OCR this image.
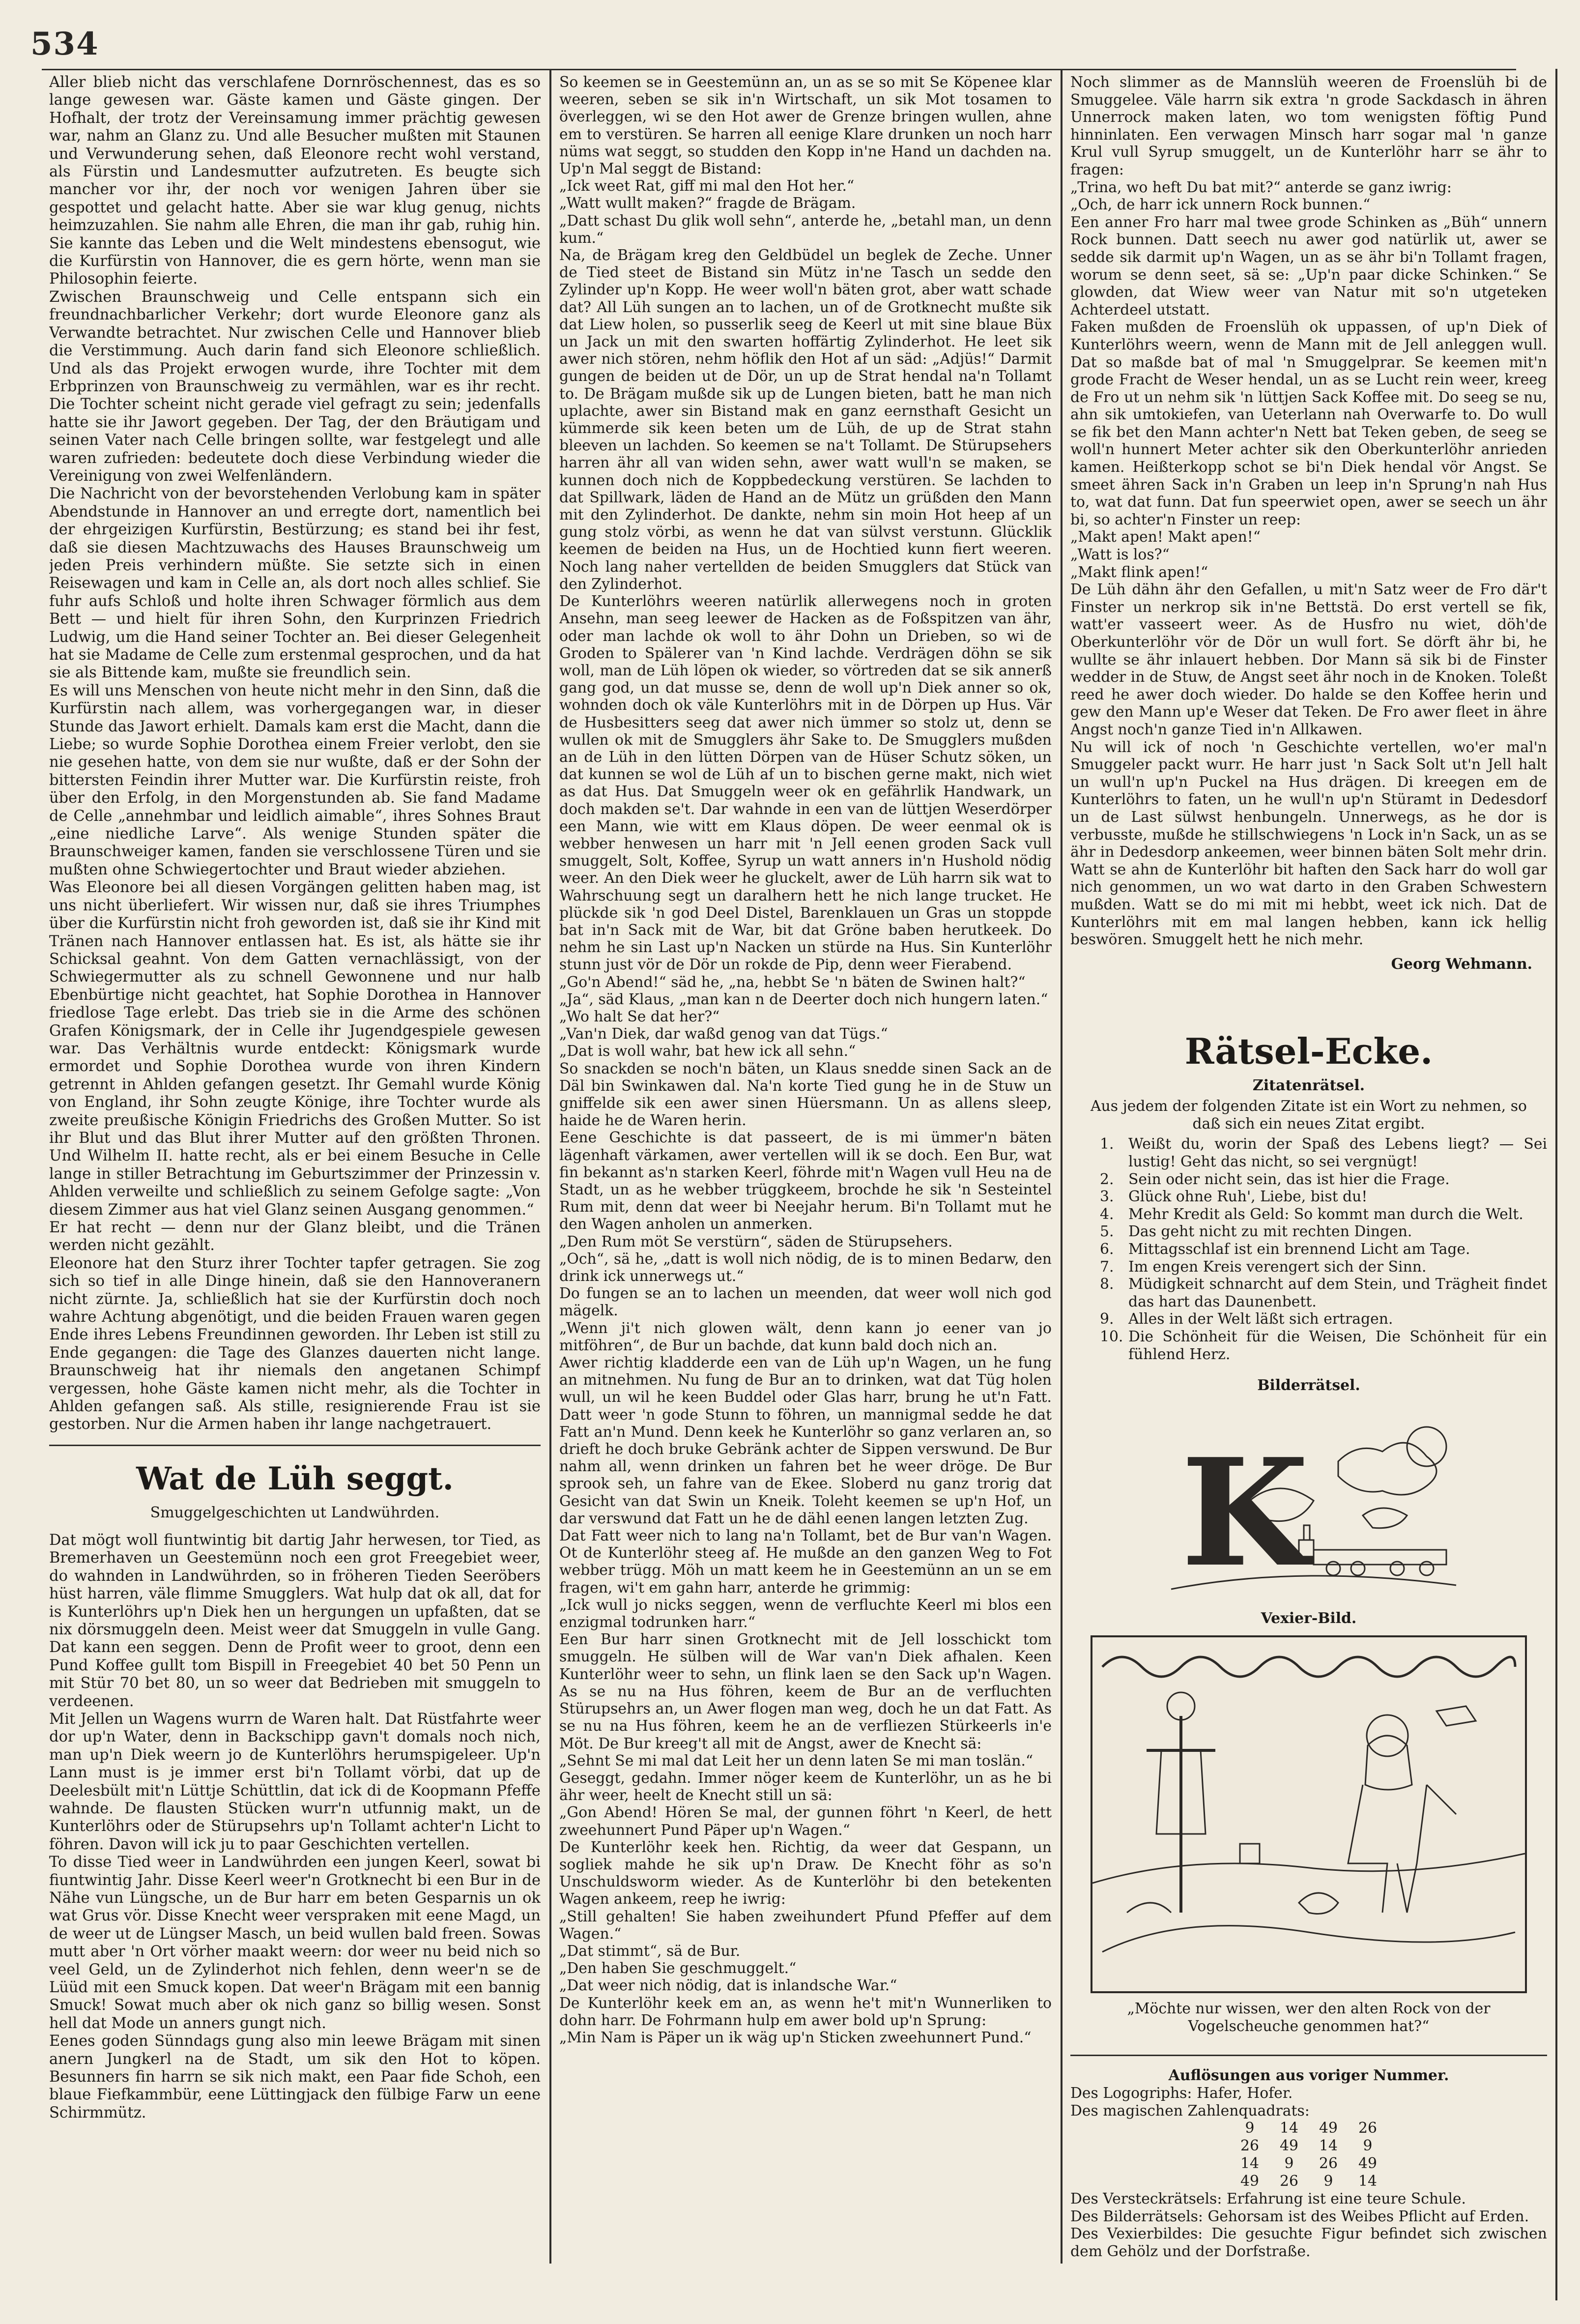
534

Aller blieb nicht das verschlafene Dornröschennest, das es so lange gewesen war. Gäste kamen und Gäste gingen. Der Hofhalt, der trotz der Vereinsamung immer prächtig gewesen war, nahm an Glanz zu. Und alle Besucher mußten mit Staunen und Verwunderung sehen, daß Eleonore recht wohl verstand, als Fürstin und Landesmutter aufzutreten. Es beugte sich mancher vor ihr, der noch vor wenigen Jahren über sie gespottet und gelacht hatte. Aber sie war klug genug, nichts heimzuzahlen. Sie nahm alle Ehren, die man ihr gab, ruhig hin. Sie kannte das Leben und die Welt mindestens ebensogut, wie die Kurfürstin von Hannover, die es gern hörte, wenn man sie Philosophin feierte.

Zwischen Braunschweig und Celle entspann sich ein freundnachbarlicher Verkehr; dort wurde Eleonore ganz als Verwandte betrachtet. Nur zwischen Celle und Hannover blieb die Verstimmung. Auch darin fand sich Eleonore schließlich. Und als das Projekt erwogen wurde, ihre Tochter mit dem Erbprinzen von Braunschweig zu vermählen, war es ihr recht. Die Tochter scheint nicht gerade viel gefragt zu sein; jedenfalls hatte sie ihr Jawort gegeben. Der Tag, der den Bräutigam und seinen Vater nach Celle bringen sollte, war festgelegt und alle waren zufrieden: bedeutete doch diese Verbindung wieder die Vereinigung von zwei Welfenländern.

Die Nachricht von der bevorstehenden Verlobung kam in später Abendstunde in Hannover an und erregte dort, namentlich bei der ehrgeizigen Kurfürstin, Bestürzung; es stand bei ihr fest, daß sie diesen Machtzuwachs des Hauses Braunschweig um jeden Preis verhindern müßte. Sie setzte sich in einen Reisewagen und kam in Celle an, als dort noch alles schlief. Sie fuhr aufs Schloß und holte ihren Schwager förmlich aus dem Bett — und hielt für ihren Sohn, den Kurprinzen Friedrich Ludwig, um die Hand seiner Tochter an. Bei dieser Gelegenheit hat sie Madame de Celle zum erstenmal gesprochen, und da hat sie als Bittende kam, mußte sie freundlich sein.

Es will uns Menschen von heute nicht mehr in den Sinn, daß die Kurfürstin nach allem, was vorhergegangen war, in dieser Stunde das Jawort erhielt. Damals kam erst die Macht, dann die Liebe; so wurde Sophie Dorothea einem Freier verlobt, den sie nie gesehen hatte, von dem sie nur wußte, daß er der Sohn der bittersten Feindin ihrer Mutter war. Die Kurfürstin reiste, froh über den Erfolg, in den Morgenstunden ab. Sie fand Madame de Celle „annehmbar und leidlich aimable“, ihres Sohnes Braut „eine niedliche Larve“. Als wenige Stunden später die Braunschweiger kamen, fanden sie verschlossene Türen und sie mußten ohne Schwiegertochter und Braut wieder abziehen.

Was Eleonore bei all diesen Vorgängen gelitten haben mag, ist uns nicht überliefert. Wir wissen nur, daß sie ihres Triumphes über die Kurfürstin nicht froh geworden ist, daß sie ihr Kind mit Tränen nach Hannover entlassen hat. Es ist, als hätte sie ihr Schicksal geahnt. Von dem Gatten vernachlässigt, von der Schwiegermutter als zu schnell Gewonnene und nur halb Ebenbürtige nicht geachtet, hat Sophie Dorothea in Hannover friedlose Tage erlebt. Das trieb sie in die Arme des schönen Grafen Königsmark, der in Celle ihr Jugendgespiele gewesen war. Das Verhältnis wurde entdeckt: Königsmark wurde ermordet und Sophie Dorothea wurde von ihren Kindern getrennt in Ahlden gefangen gesetzt. Ihr Gemahl wurde König von England, ihr Sohn zeugte Könige, ihre Tochter wurde als zweite preußische Königin Friedrichs des Großen Mutter. So ist ihr Blut und das Blut ihrer Mutter auf den größten Thronen. Und Wilhelm II. hatte recht, als er bei einem Besuche in Celle lange in stiller Betrachtung im Geburtszimmer der Prinzessin v. Ahlden verweilte und schließlich zu seinem Gefolge sagte: „Von diesem Zimmer aus hat viel Glanz seinen Ausgang genommen.“

Er hat recht — denn nur der Glanz bleibt, und die Tränen werden nicht gezählt.

Eleonore hat den Sturz ihrer Tochter tapfer getragen. Sie zog sich so tief in alle Dinge hinein, daß sie den Hannoveranern nicht zürnte. Ja, schließlich hat sie der Kurfürstin doch noch wahre Achtung abgenötigt, und die beiden Frauen waren gegen Ende ihres Lebens Freundinnen geworden. Ihr Leben ist still zu Ende gegangen: die Tage des Glanzes dauerten nicht lange. Braunschweig hat ihr niemals den angetanen Schimpf vergessen, hohe Gäste kamen nicht mehr, als die Tochter in Ahlden gefangen saß. Als stille, resignierende Frau ist sie gestorben. Nur die Armen haben ihr lange nachgetrauert.

Wat de Lüh seggt.
Smuggelgeschichten ut Landwührden.

Dat mögt woll fiuntwintig bit dartig Jahr herwesen, tor Tied, as Bremerhaven un Geestemünn noch een grot Freegebiet weer, do wahnden in Landwührden, so in fröheren Tieden Seeröbers hüst harren, väle flimme Smugglers. Wat hulp dat ok all, dat for is Kunterlöhrs up'n Diek hen un hergungen un upfaßten, dat se nix dörsmuggeln deen. Meist weer dat Smuggeln in vulle Gang. Dat kann een seggen. Denn de Profit weer to groot, denn een Pund Koffee gullt tom Bispill in Freegebiet 40 bet 50 Penn un mit Stür 70 bet 80, un so weer dat Bedrieben mit smuggeln to verdeenen.

Mit Jellen un Wagens wurrn de Waren halt. Dat Rüstfahrte weer dor up'n Water, denn in Backschipp gavn't domals noch nich, man up'n Diek weern jo de Kunterlöhrs herumspigeleer. Up'n Lann must is je immer erst bi'n Tollamt vörbi, dat up de Deelesbült mit'n Lüttje Schüttlin, dat ick di de Koopmann Pfeffe wahnde. De flausten Stücken wurr'n utfunnig makt, un de Kunterlöhrs oder de Stürupsehrs up'n Tollamt achter'n Licht to föhren. Davon will ick ju to paar Geschichten vertellen.

To disse Tied weer in Landwührden een jungen Keerl, sowat bi fiuntwintig Jahr. Disse Keerl weer'n Grotknecht bi een Bur in de Nähe vun Lüngsche, un de Bur harr em beten Gesparnis un ok wat Grus vör. Disse Knecht weer verspraken mit eene Magd, un de weer ut de Lüngser Masch, un beid wullen bald freen. Sowas mutt aber 'n Ort vörher maakt weern: dor weer nu beid nich so veel Geld, un de Zylinderhot nich fehlen, denn weer'n se de Lüüd mit een Smuck kopen. Dat weer'n Brägam mit een bannig Smuck! Sowat much aber ok nich ganz so billig wesen. Sonst hell dat Mode un anners gungt nich.

Eenes goden Sünndags gung also min leewe Brägam mit sinen anern Jungkerl na de Stadt, um sik den Hot to köpen. Besunners fin harrn se sik nich makt, een Paar fide Schoh, een blaue Fiefkammbür, eene Lüttingjack den fülbige Farw un eene Schirmmütz.

So keemen se in Geestemünn an, un as se so mit Se Köpenee klar weeren, seben se sik in'n Wirtschaft, un sik Mot tosamen to överleggen, wi se den Hot awer de Grenze bringen wullen, ahne em to verstüren. Se harren all eenige Klare drunken un noch harr nüms wat seggt, so studden den Kopp in'ne Hand un dachden na. Up'n Mal seggt de Bistand:

„Ick weet Rat, giff mi mal den Hot her.“

„Watt wullt maken?“ fragde de Brägam.

„Datt schast Du glik woll sehn“, anterde he, „betahl man, un denn kum.“

Na, de Brägam kreg den Geldbüdel un beglek de Zeche. Unner de Tied steet de Bistand sin Mütz in'ne Tasch un sedde den Zylinder up'n Kopp. He weer woll'n bäten grot, aber watt schade dat? All Lüh sungen an to lachen, un of de Grotknecht mußte sik dat Liew holen, so pusserlik seeg de Keerl ut mit sine blaue Büx un Jack un mit den swarten hoffärtig Zylinderhot. He leet sik awer nich stören, nehm höflik den Hot af un säd: „Adjüs!“ Darmit gungen de beiden ut de Dör, un up de Strat hendal na'n Tollamt to. De Brägam mußde sik up de Lungen bieten, batt he man nich uplachte, awer sin Bistand mak en ganz eernsthaft Gesicht un kümmerde sik keen beten um de Lüh, de up de Strat stahn bleeven un lachden. So keemen se na't Tollamt. De Stürupsehers harren ähr all van widen sehn, awer watt wull'n se maken, se kunnen doch nich de Koppbedeckung verstüren. Se lachden to dat Spillwark, läden de Hand an de Mütz un grüßden den Mann mit den Zylinderhot. De dankte, nehm sin moin Hot heep af un gung stolz vörbi, as wenn he dat van sülvst verstunn. Glücklik keemen de beiden na Hus, un de Hochtied kunn fiert weeren. Noch lang naher vertellden de beiden Smugglers dat Stück van den Zylinderhot.

De Kunterlöhrs weeren natürlik allerwegens noch in groten Ansehn, man seeg leewer de Hacken as de Foßspitzen van ähr, oder man lachde ok woll to ähr Dohn un Drieben, so wi de Groden to Spälerer van 'n Kind lachde. Verdrägen döhn se sik woll, man de Lüh löpen ok wieder, so vörtreden dat se sik annerß gang god, un dat musse se, denn de woll up'n Diek anner so ok, wohnden doch ok väle Kunterlöhrs mit in de Dörpen up Hus. Vär de Husbesitters seeg dat awer nich ümmer so stolz ut, denn se wullen ok mit de Smugglers ähr Sake to. De Smugglers mußden an de Lüh in den lütten Dörpen van de Hüser Schutz söken, un dat kunnen se wol de Lüh af un to bischen gerne makt, nich wiet as dat Hus. Dat Smuggeln weer ok en gefährlik Handwark, un doch makden se't. Dar wahnde in een van de lüttjen Weserdörper een Mann, wie witt em Klaus döpen. De weer eenmal ok is webber henwesen un harr mit 'n Jell eenen groden Sack vull smuggelt, Solt, Koffee, Syrup un watt anners in'n Hushold nödig weer. An den Diek weer he gluckelt, awer de Lüh harrn sik wat to Wahrschuung segt un daralhern hett he nich lange trucket. He plückde sik 'n god Deel Distel, Barenklauen un Gras un stoppde bat in'n Sack mit de War, bit dat Gröne baben herutkeek. Do nehm he sin Last up'n Nacken un stürde na Hus. Sin Kunterlöhr stunn just vör de Dör un rokde de Pip, denn weer Fierabend.

„Go'n Abend!“ säd he, „na, hebbt Se 'n bäten de Swinen halt?“

„Ja“, säd Klaus, „man kan n de Deerter doch nich hungern laten.“

„Wo halt Se dat her?“

„Van'n Diek, dar waßd genog van dat Tügs.“

„Dat is woll wahr, bat hew ick all sehn.“

So snackden se noch'n bäten, un Klaus snedde sinen Sack an de Däl bin Swinkawen dal. Na'n korte Tied gung he in de Stuw un gniffelde sik een awer sinen Hüersmann. Un as allens sleep, haide he de Waren herin.

Eene Geschichte is dat passeert, de is mi ümmer'n bäten lägenhaft värkamen, awer vertellen will ik se doch. Een Bur, wat fin bekannt as'n starken Keerl, föhrde mit'n Wagen vull Heu na de Stadt, un as he webber trüggkeem, brochde he sik 'n Sesteintel Rum mit, denn dat weer bi Neejahr herum. Bi'n Tollamt mut he den Wagen anholen un anmerken.

„Den Rum möt Se verstürn“, säden de Stürupsehers.

„Och“, sä he, „datt is woll nich nödig, de is to minen Bedarw, den drink ick unnerwegs ut.“

Do fungen se an to lachen un meenden, dat weer woll nich god mägelk.

„Wenn ji't nich glowen wält, denn kann jo eener van jo mitföhren“, de Bur un bachde, dat kunn bald doch nich an.

Awer richtig kladderde een van de Lüh up'n Wagen, un he fung an mitnehmen. Nu fung de Bur an to drinken, wat dat Tüg holen wull, un wil he keen Buddel oder Glas harr, brung he ut'n Fatt. Datt weer 'n gode Stunn to föhren, un mannigmal sedde he dat Fatt an'n Mund. Denn keek he Kunterlöhr so ganz verlaren an, so drieft he doch bruke Gebränk achter de Sippen verswund. De Bur nahm all, wenn drinken un fahren bet he weer dröge. De Bur sprook seh, un fahre van de Ekee. Sloberd nu ganz trorig dat Gesicht van dat Swin un Kneik. Toleht keemen se up'n Hof, un dar verswund dat Fatt un he de dähl eenen langen letzten Zug.

Dat Fatt weer nich to lang na'n Tollamt, bet de Bur van'n Wagen. Ot de Kunterlöhr steeg af. He mußde an den ganzen Weg to Fot webber trügg. Möh un matt keem he in Geestemünn an un se em fragen, wi't em gahn harr, anterde he grimmig:

„Ick wull jo nicks seggen, wenn de verfluchte Keerl mi blos een enzigmal todrunken harr.“

Een Bur harr sinen Grotknecht mit de Jell losschickt tom smuggeln. He sülben will de War van'n Diek afhalen. Keen Kunterlöhr weer to sehn, un flink laen se den Sack up'n Wagen. As se nu na Hus föhren, keem de Bur an de verfluchten Stürupsehrs an, un Awer flogen man weg, doch he un dat Fatt. As se nu na Hus föhren, keem he an de verfliezen Stürkeerls in'e Möt. De Bur kreeg't all mit de Angst, awer de Knecht sä:

„Sehnt Se mi mal dat Leit her un denn laten Se mi man toslän.“

Geseggt, gedahn. Immer nöger keem de Kunterlöhr, un as he bi ähr weer, heelt de Knecht still un sä:

„Gon Abend! Hören Se mal, der gunnen föhrt 'n Keerl, de hett zweehunnert Pund Päper up'n Wagen.“

De Kunterlöhr keek hen. Richtig, da weer dat Gespann, un sogliek mahde he sik up'n Draw. De Knecht föhr as so'n Unschuldsworm wieder. As de Kunterlöhr bi den betekenten Wagen ankeem, reep he iwrig:

„Still gehalten! Sie haben zweihundert Pfund Pfeffer auf dem Wagen.“

„Dat stimmt“, sä de Bur.

„Den haben Sie geschmuggelt.“

„Dat weer nich nödig, dat is inlandsche War.“

De Kunterlöhr keek em an, as wenn he't mit'n Wunnerliken to dohn harr. De Fohrmann hulp em awer bold up'n Sprung:

„Min Nam is Päper un ik wäg up'n Sticken zweehunnert Pund.“

Noch slimmer as de Mannslüh weeren de Froenslüh bi de Smuggelee. Väle harrn sik extra 'n grode Sackdasch in ähren Unnerrock maken laten, wo tom wenigsten föftig Pund hinninlaten. Een verwagen Minsch harr sogar mal 'n ganze Krul vull Syrup smuggelt, un de Kunterlöhr harr se ähr to fragen:

„Trina, wo heft Du bat mit?“ anterde se ganz iwrig:

„Och, de harr ick unnern Rock bunnen.“

Een anner Fro harr mal twee grode Schinken as „Büh“ unnern Rock bunnen. Datt seech nu awer god natürlik ut, awer se sedde sik darmit up'n Wagen, un as se ähr bi'n Tollamt fragen, worum se denn seet, sä se: „Up'n paar dicke Schinken.“ Se glowden, dat Wiew weer van Natur mit so'n utgeteken Achterdeel utstatt.

Faken mußden de Froenslüh ok uppassen, of up'n Diek of Kunterlöhrs weern, wenn de Mann mit de Jell anleggen wull. Dat so maßde bat of mal 'n Smuggelprar. Se keemen mit'n grode Fracht de Weser hendal, un as se Lucht rein weer, kreeg de Fro ut un nehm sik 'n lüttjen Sack Koffee mit. Do seeg se nu, ahn sik umtokiefen, van Ueterlann nah Overwarfe to. Do wull se fik bet den Mann achter'n Nett bat Teken geben, de seeg se woll'n hunnert Meter achter sik den Oberkunterlöhr anrieden kamen. Heißterkopp schot se bi'n Diek hendal vör Angst. Se smeet ähren Sack in'n Graben un leep in'n Sprung'n nah Hus to, wat dat funn. Dat fun speerwiet open, awer se seech un ähr bi, so achter'n Finster un reep:

„Makt apen! Makt apen!“

„Watt is los?“

„Makt flink apen!“

De Lüh dähn ähr den Gefallen, u mit'n Satz weer de Fro där't Finster un nerkrop sik in'ne Bettstä. Do erst vertell se fik, watt'er vasseert weer. As de Husfro nu wiet, döh'de Oberkunterlöhr vör de Dör un wull fort. Se dörft ähr bi, he wullte se ähr inlauert hebben. Dor Mann sä sik bi de Finster wedder in de Stuw, de Angst seet ähr noch in de Knoken. Toleßt reed he awer doch wieder. Do halde se den Koffee herin und gew den Mann up'e Weser dat Teken. De Fro awer fleet in ähre Angst noch'n ganze Tied in'n Allkawen.

Nu will ick of noch 'n Geschichte vertellen, wo'er mal'n Smuggeler packt wurr. He harr just 'n Sack Solt ut'n Jell halt un wull'n up'n Puckel na Hus drägen. Di kreegen em de Kunterlöhrs to faten, un he wull'n up'n Stüramt in Dedesdorf un de Last sülwst henbungeln. Unnerwegs, as he dor is verbusste, mußde he stillschwiegens 'n Lock in'n Sack, un as se ähr in Dedesdorp ankeemen, weer binnen bäten Solt mehr drin. Watt se ahn de Kunterlöhr bit haften den Sack harr do woll gar nich genommen, un wo wat darto in den Graben Schwestern mußden. Watt se do mi mit mi hebbt, weet ick nich. Dat de Kunterlöhrs mit em mal langen hebben, kann ick hellig beswören. Smuggelt hett he nich mehr.

Georg Wehmann.
Rätsel-Ecke.
Zitatenrätsel.

Aus jedem der folgenden Zitate ist ein Wort zu nehmen, so daß sich ein neues Zitat ergibt.

1. Weißt du, worin der Spaß des Lebens liegt? — Sei lustig! Geht das nicht, so sei vergnügt!
2. Sein oder nicht sein, das ist hier die Frage.
3. Glück ohne Ruh', Liebe, bist du!
4. Mehr Kredit als Geld: So kommt man durch die Welt.
5. Das geht nicht zu mit rechten Dingen.
6. Mittagsschlaf ist ein brennend Licht am Tage.
7. Im engen Kreis verengert sich der Sinn.
8. Müdigkeit schnarcht auf dem Stein, und Trägheit findet das hart das Daunenbett.
9. Alles in der Welt läßt sich ertragen.
10. Die Schönheit für die Weisen, Die Schönheit für ein fühlend Herz.
Bilderrätsel.
K
Vexier-Bild.

„Möchte nur wissen, wer den alten Rock von der Vogelscheuche genommen hat?“

Auflösungen aus voriger Nummer.

Des Logogriphs: Hafer, Hofer.

Des magischen Zahlenquadrats:

9	14	49	26
26	49	14	9
14	9	26	49
49	26	9	14

Des Versteckrätsels: Erfahrung ist eine teure Schule.

Des Bilderrätsels: Gehorsam ist des Weibes Pflicht auf Erden.

Des Vexierbildes: Die gesuchte Figur befindet sich zwischen dem Gehölz und der Dorfstraße.
